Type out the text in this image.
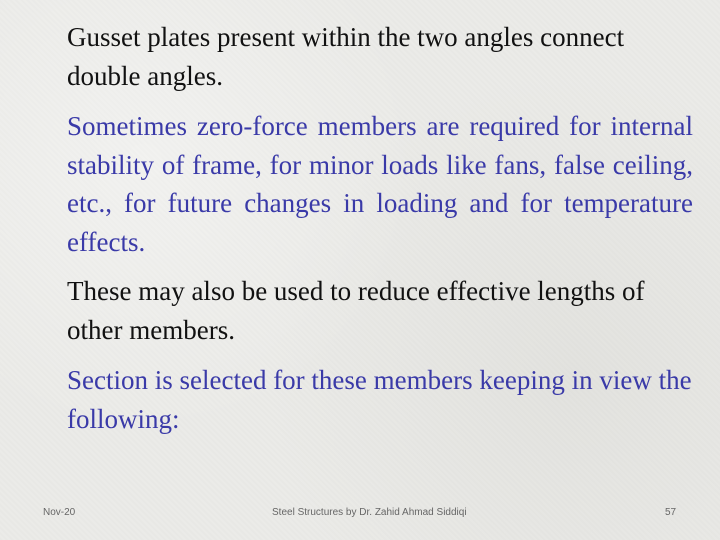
Gusset plates present within the two angles connect double angles.

Sometimes zero-force members are required for internal stability of frame, for minor loads like fans, false ceiling, etc., for future changes in loading and for temperature effects.

These may also be used to reduce effective lengths of other members.

Section is selected for these members keeping in view the following:

Nov-20	Steel Structures by Dr. Zahid Ahmad Siddiqi	57
